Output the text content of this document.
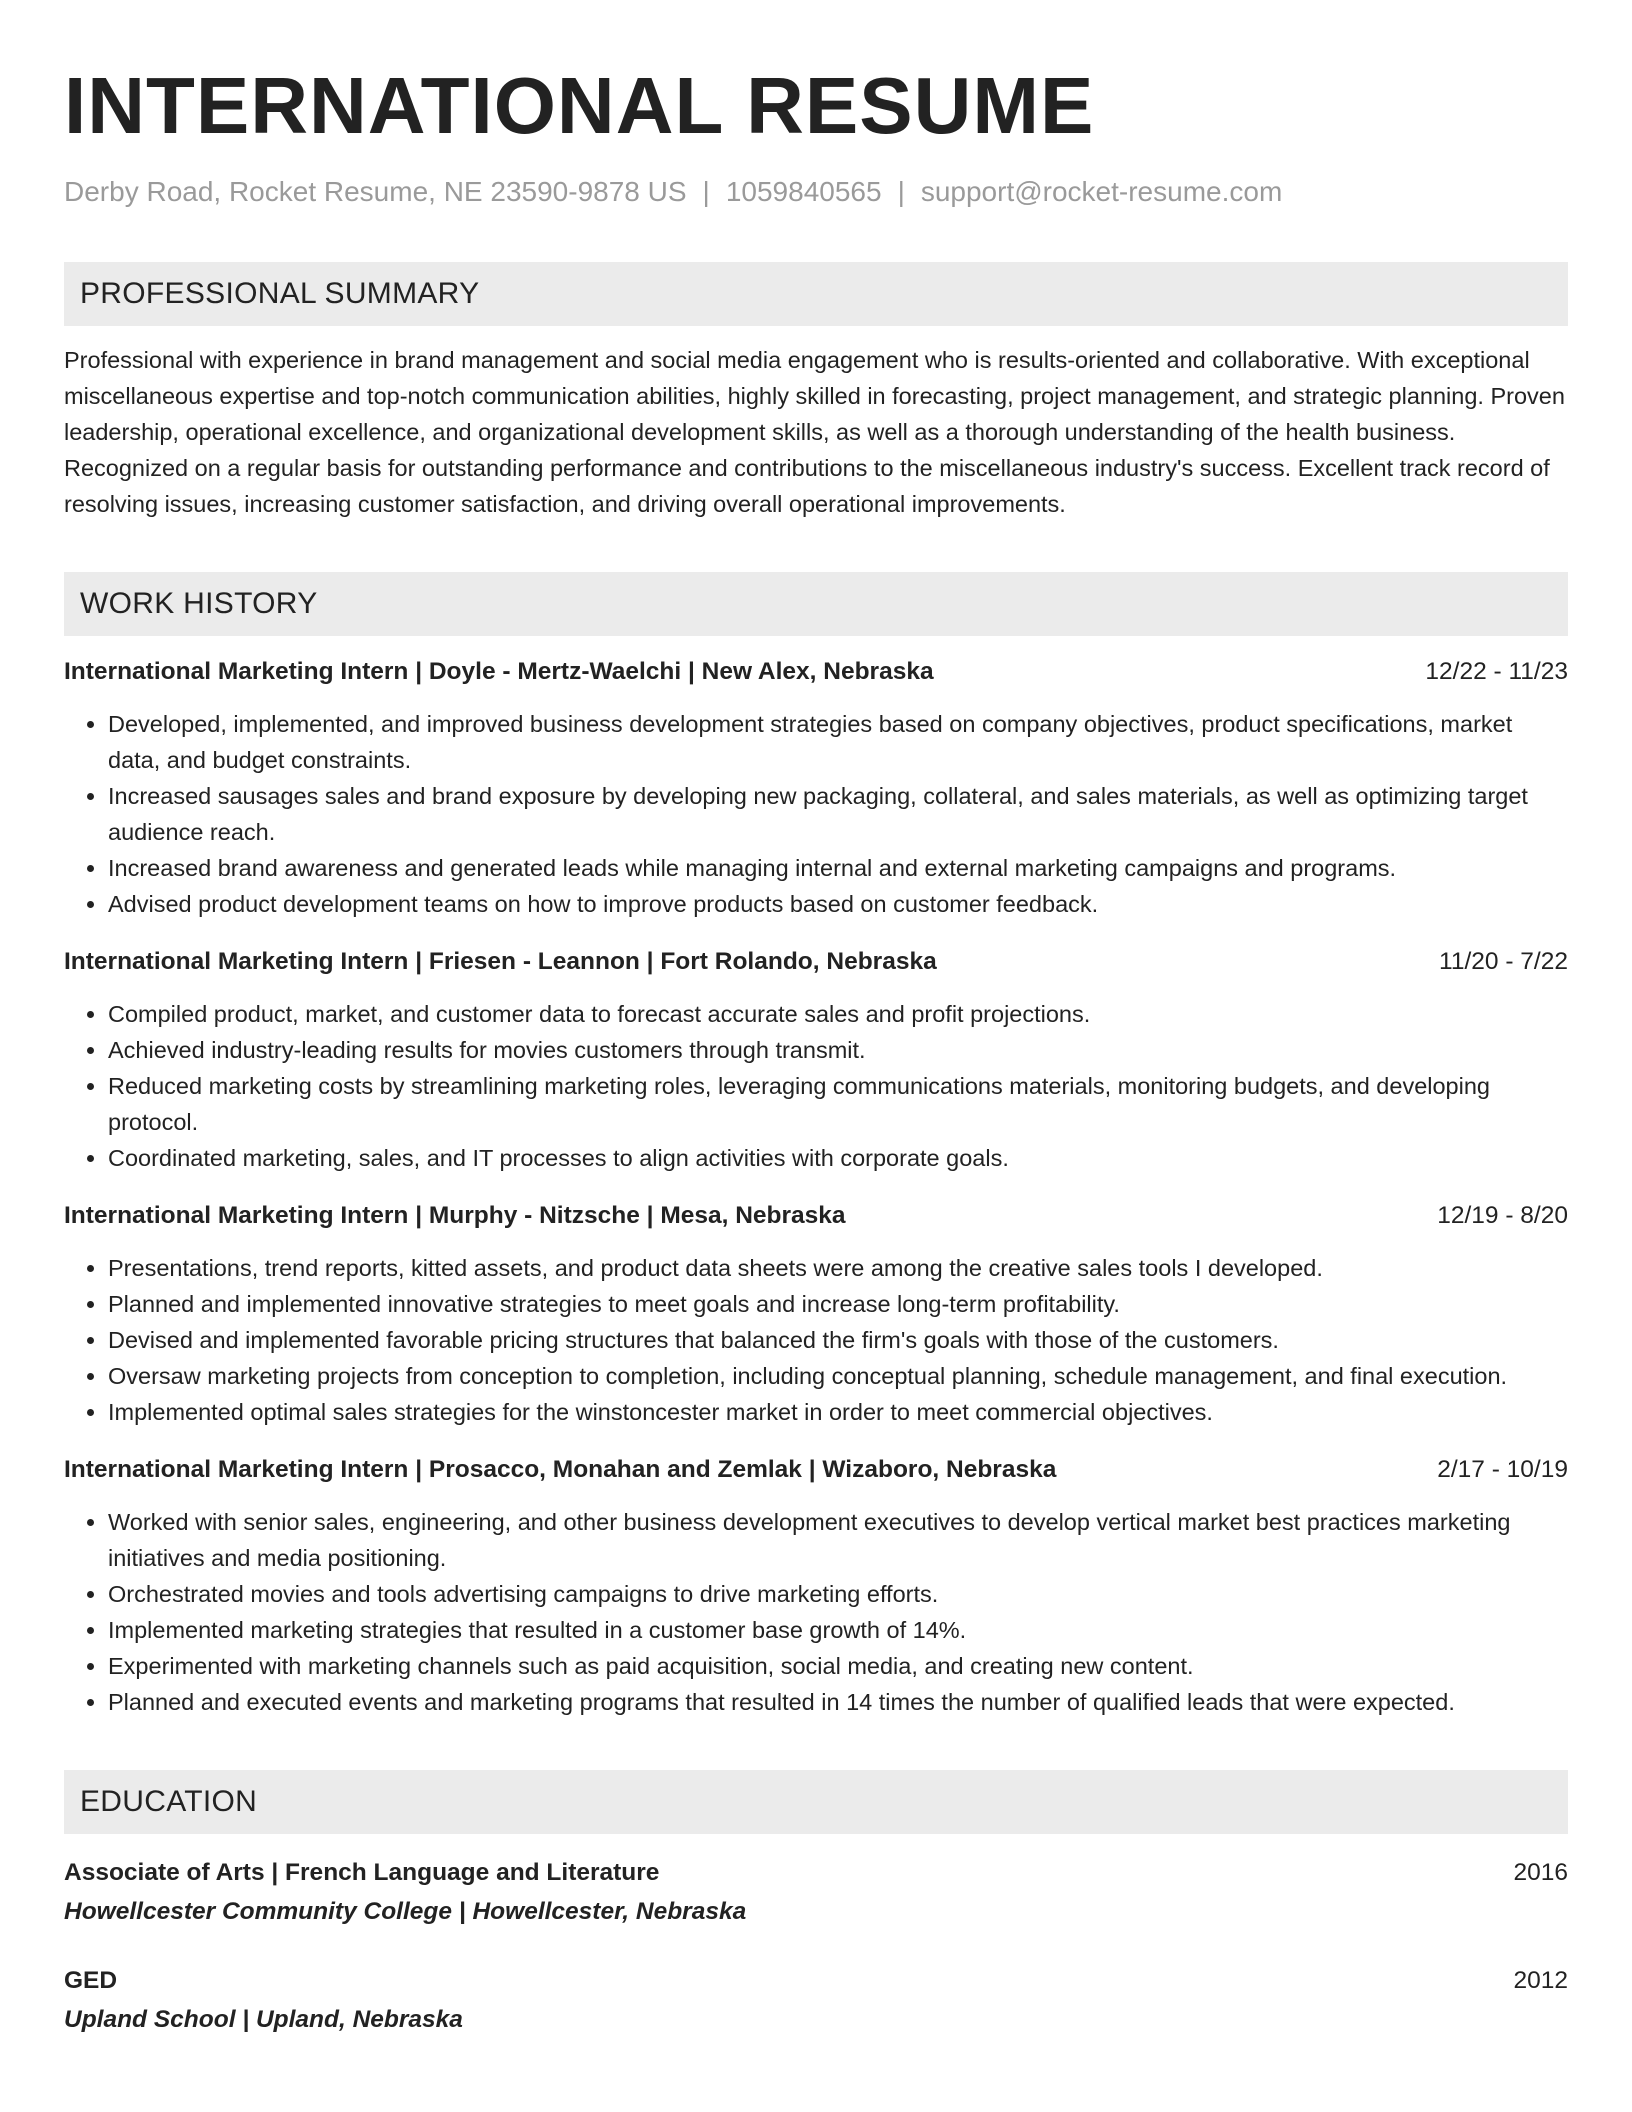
INTERNATIONAL RESUME
Derby Road, Rocket Resume, NE 23590-9878 US | 1059840565 | support@rocket-resume.com
PROFESSIONAL SUMMARY
Professional with experience in brand management and social media engagement who is results-oriented and collaborative. With exceptional miscellaneous expertise and top-notch communication abilities, highly skilled in forecasting, project management, and strategic planning. Proven leadership, operational excellence, and organizational development skills, as well as a thorough understanding of the health business. Recognized on a regular basis for outstanding performance and contributions to the miscellaneous industry's success. Excellent track record of resolving issues, increasing customer satisfaction, and driving overall operational improvements.
WORK HISTORY
International Marketing Intern | Doyle - Mertz-Waelchi | New Alex, Nebraska	12/22 - 11/23
• Developed, implemented, and improved business development strategies based on company objectives, product specifications, market data, and budget constraints.
• Increased sausages sales and brand exposure by developing new packaging, collateral, and sales materials, as well as optimizing target audience reach.
• Increased brand awareness and generated leads while managing internal and external marketing campaigns and programs.
• Advised product development teams on how to improve products based on customer feedback.
International Marketing Intern | Friesen - Leannon | Fort Rolando, Nebraska	11/20 - 7/22
• Compiled product, market, and customer data to forecast accurate sales and profit projections.
• Achieved industry-leading results for movies customers through transmit.
• Reduced marketing costs by streamlining marketing roles, leveraging communications materials, monitoring budgets, and developing protocol.
• Coordinated marketing, sales, and IT processes to align activities with corporate goals.
International Marketing Intern | Murphy - Nitzsche | Mesa, Nebraska	12/19 - 8/20
• Presentations, trend reports, kitted assets, and product data sheets were among the creative sales tools I developed.
• Planned and implemented innovative strategies to meet goals and increase long-term profitability.
• Devised and implemented favorable pricing structures that balanced the firm's goals with those of the customers.
• Oversaw marketing projects from conception to completion, including conceptual planning, schedule management, and final execution.
• Implemented optimal sales strategies for the winstoncester market in order to meet commercial objectives.
International Marketing Intern | Prosacco, Monahan and Zemlak | Wizaboro, Nebraska	2/17 - 10/19
• Worked with senior sales, engineering, and other business development executives to develop vertical market best practices marketing initiatives and media positioning.
• Orchestrated movies and tools advertising campaigns to drive marketing efforts.
• Implemented marketing strategies that resulted in a customer base growth of 14%.
• Experimented with marketing channels such as paid acquisition, social media, and creating new content.
• Planned and executed events and marketing programs that resulted in 14 times the number of qualified leads that were expected.
EDUCATION
Associate of Arts | French Language and Literature	2016
Howellcester Community College | Howellcester, Nebraska
GED	2012
Upland School | Upland, Nebraska
